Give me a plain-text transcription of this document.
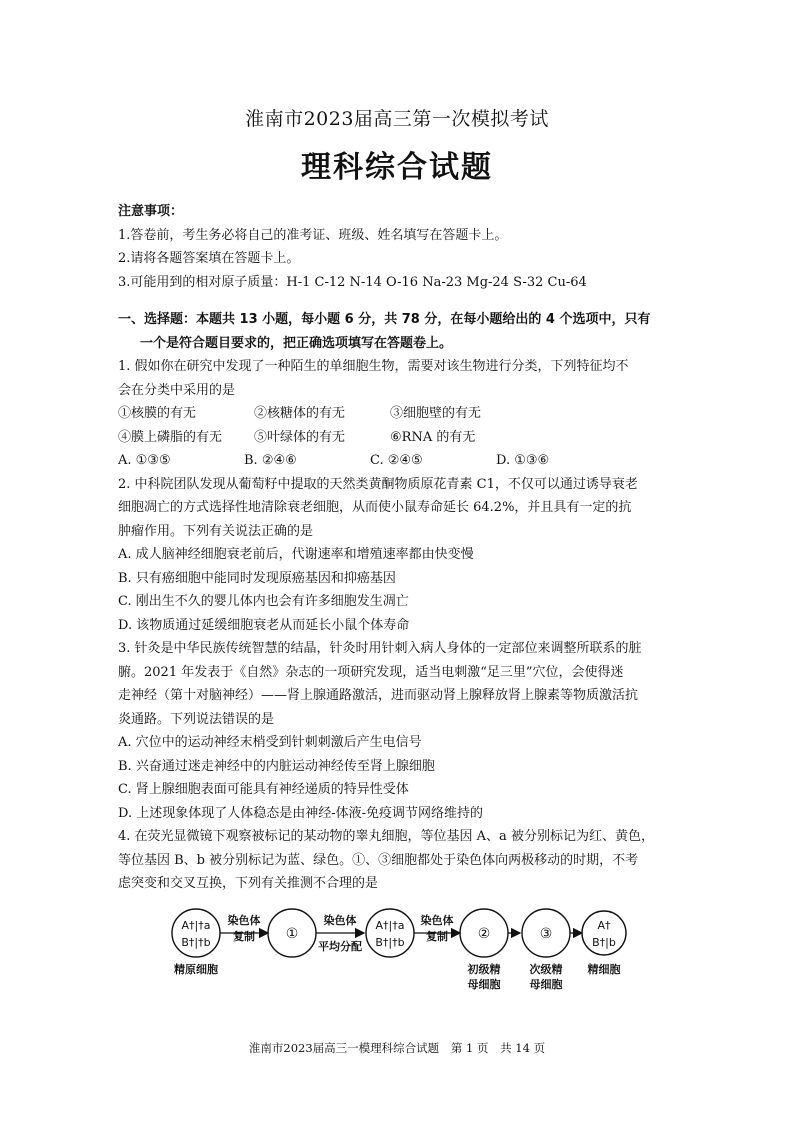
淮南市2023届高三第一次模拟考试
理科综合试题
注意事项：
1.答卷前，考生务必将自己的准考证、班级、姓名填写在答题卡上。
2.请将各题答案填在答题卡上。
3.可能用到的相对原子质量：H-1 C-12 N-14 O-16 Na-23 Mg-24 S-32 Cu-64
一、选择题：本题共 13 小题，每小题 6 分，共 78 分，在每小题给出的 4 个选项中，只有
一个是符合题目要求的，把正确选项填写在答题卷上。
1. 假如你在研究中发现了一种陌生的单细胞生物，需要对该生物进行分类，下列特征均不
会在分类中采用的是
①核膜的有无	②核糖体的有无	③细胞壁的有无
④膜上磷脂的有无	⑤叶绿体的有无	⑥RNA 的有无
A. ①③⑤	B. ②④⑥	C. ②④⑤	D. ①③⑥
2. 中科院团队发现从葡萄籽中提取的天然类黄酮物质原花青素 C1，不仅可以通过诱导衰老
细胞凋亡的方式选择性地清除衰老细胞，从而使小鼠寿命延长 64.2%，并且具有一定的抗
肿瘤作用。下列有关说法正确的是
A. 成人脑神经细胞衰老前后，代谢速率和增殖速率都由快变慢
B. 只有癌细胞中能同时发现原癌基因和抑癌基因
C. 刚出生不久的婴儿体内也会有许多细胞发生凋亡
D. 该物质通过延缓细胞衰老从而延长小鼠个体寿命
3. 针灸是中华民族传统智慧的结晶，针灸时用针刺入病人身体的一定部位来调整所联系的脏
腑。2021 年发表于《自然》杂志的一项研究发现，适当电刺激“足三里”穴位，会使得迷
走神经（第十对脑神经）——肾上腺通路激活，进而驱动肾上腺释放肾上腺素等物质激活抗
炎通路。下列说法错误的是
A. 穴位中的运动神经末梢受到针刺刺激后产生电信号
B. 兴奋通过迷走神经中的内脏运动神经传至肾上腺细胞
C. 肾上腺细胞表面可能具有神经递质的特异性受体
D. 上述现象体现了人体稳态是由神经-体液-免疫调节网络维持的
4. 在荧光显微镜下观察被标记的某动物的睾丸细胞，等位基因 A、a 被分别标记为红、黄色，
等位基因 B、b 被分别标记为蓝、绿色。①、③细胞都处于染色体向两极移动的时期，不考
虑突变和交叉互换，下列有关推测不合理的是
A†|†a
B†|†b
精原细胞
染色体
复制 ①
染色体
平均分配
A†|†a
B†|†b
染色体
复制 ②
初级精
母细胞
③
次级精
母细胞
A†
B†|b
精细胞
淮南市2023届高三一模理科综合试题 第 1 页 共 14 页
